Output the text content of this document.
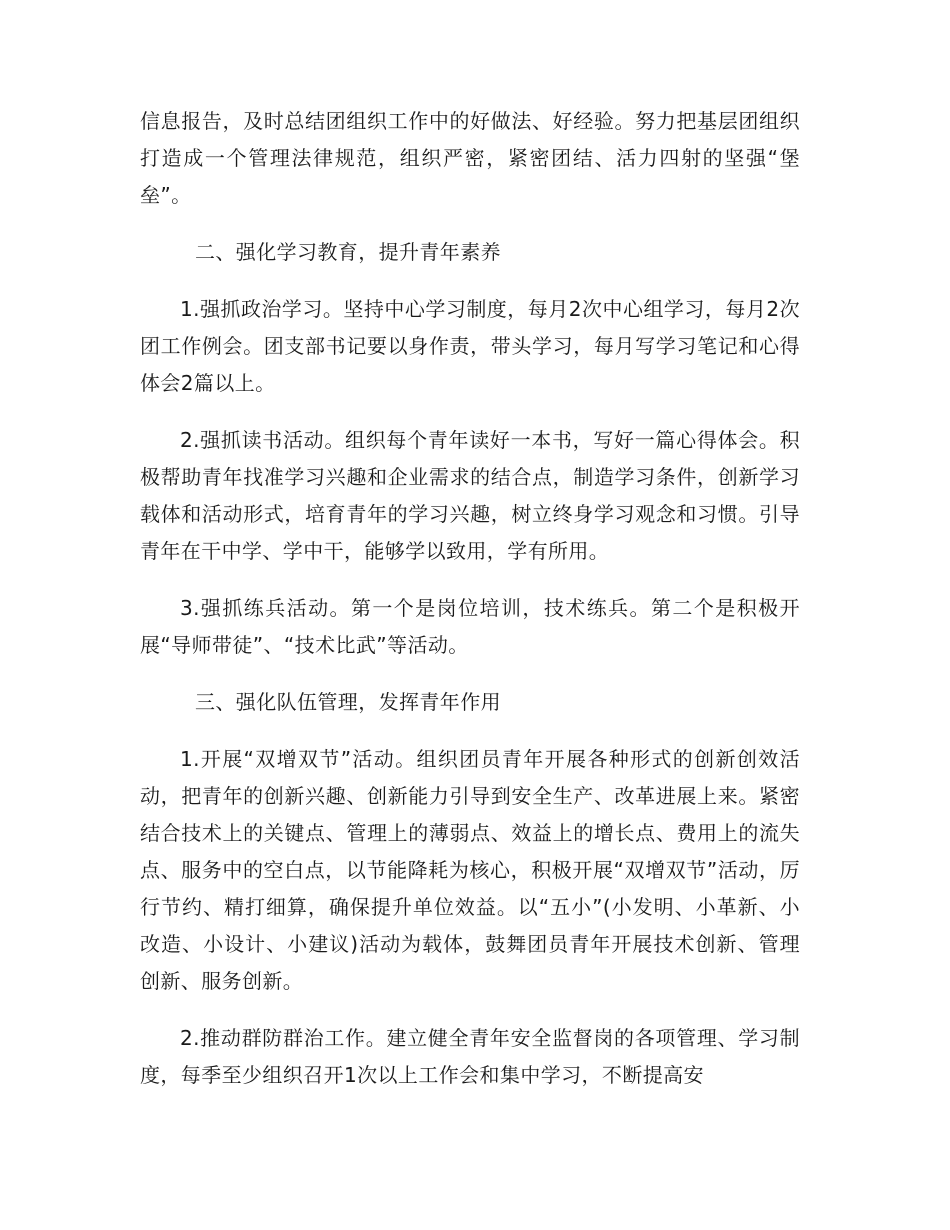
信息报告，及时总结团组织工作中的好做法、好经验。努力把基层团组织打造成一个管理法律规范，组织严密，紧密团结、活力四射的坚强“堡垒”。

二、强化学习教育，提升青年素养

1.强抓政治学习。坚持中心学习制度，每月2次中心组学习，每月2次团工作例会。团支部书记要以身作责，带头学习，每月写学习笔记和心得体会2篇以上。

2.强抓读书活动。组织每个青年读好一本书，写好一篇心得体会。积极帮助青年找准学习兴趣和企业需求的结合点，制造学习条件，创新学习载体和活动形式，培育青年的学习兴趣，树立终身学习观念和习惯。引导青年在干中学、学中干，能够学以致用，学有所用。

3.强抓练兵活动。第一个是岗位培训，技术练兵。第二个是积极开展“导师带徒”、“技术比武”等活动。

三、强化队伍管理，发挥青年作用

1.开展“双增双节”活动。组织团员青年开展各种形式的创新创效活动，把青年的创新兴趣、创新能力引导到安全生产、改革进展上来。紧密结合技术上的关键点、管理上的薄弱点、效益上的增长点、费用上的流失点、服务中的空白点，以节能降耗为核心，积极开展“双增双节”活动，厉行节约、精打细算，确保提升单位效益。以“五小”(小发明、小革新、小改造、小设计、小建议)活动为载体，鼓舞团员青年开展技术创新、管理创新、服务创新。

2.推动群防群治工作。建立健全青年安全监督岗的各项管理、学习制度，每季至少组织召开1次以上工作会和集中学习，不断提高安
